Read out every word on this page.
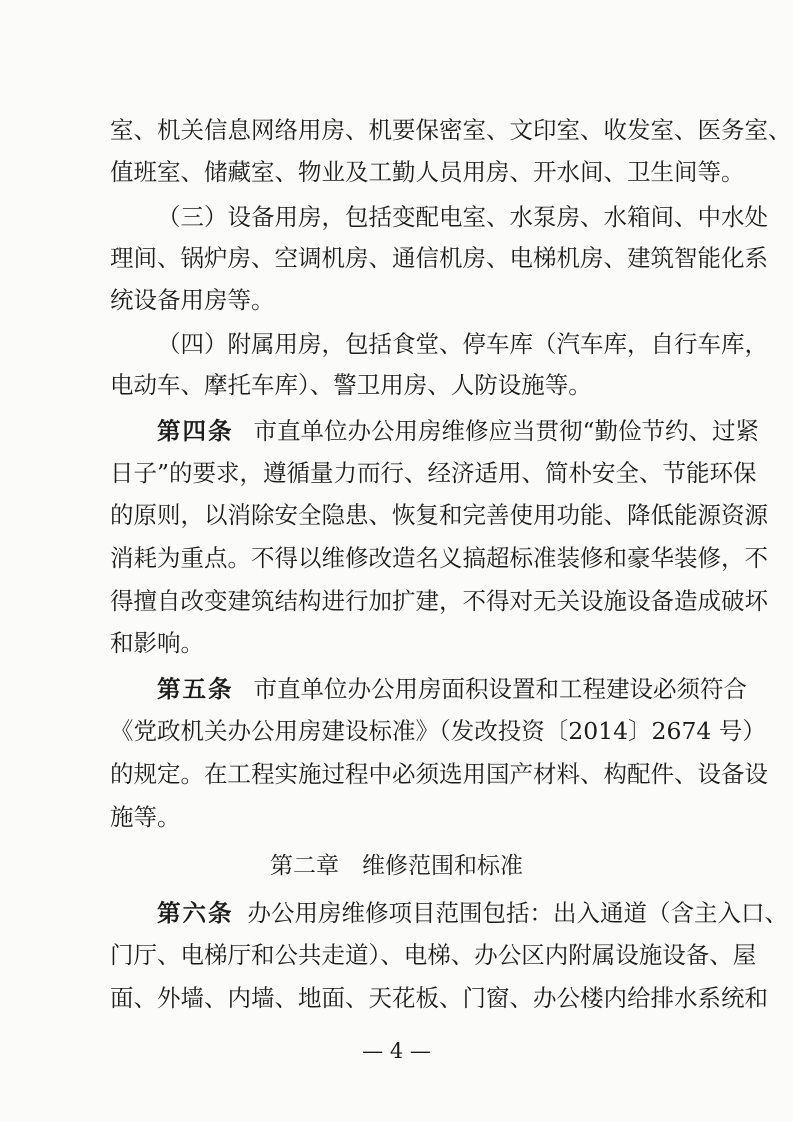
室、机关信息网络用房、机要保密室、文印室、收发室、医务室、
值班室、储藏室、物业及工勤人员用房、开水间、卫生间等。
（三）设备用房，包括变配电室、水泵房、水箱间、中水处
理间、锅炉房、空调机房、通信机房、电梯机房、建筑智能化系
统设备用房等。
（四）附属用房，包括食堂、停车库（汽车库，自行车库，
电动车、摩托车库）、警卫用房、人防设施等。
第四条 市直单位办公用房维修应当贯彻“勤俭节约、过紧
日子”的要求，遵循量力而行、经济适用、简朴安全、节能环保
的原则，以消除安全隐患、恢复和完善使用功能、降低能源资源
消耗为重点。不得以维修改造名义搞超标准装修和豪华装修，不
得擅自改变建筑结构进行加扩建，不得对无关设施设备造成破坏
和影响。
第五条 市直单位办公用房面积设置和工程建设必须符合
《党政机关办公用房建设标准》（发改投资〔2014〕2674 号）
的规定。在工程实施过程中必须选用国产材料、构配件、设备设
施等。
第二章　维修范围和标准
第六条 办公用房维修项目范围包括：出入通道（含主入口、
门厅、电梯厅和公共走道）、电梯、办公区内附属设施设备、屋
面、外墙、内墙、地面、天花板、门窗、办公楼内给排水系统和
— 4 —
